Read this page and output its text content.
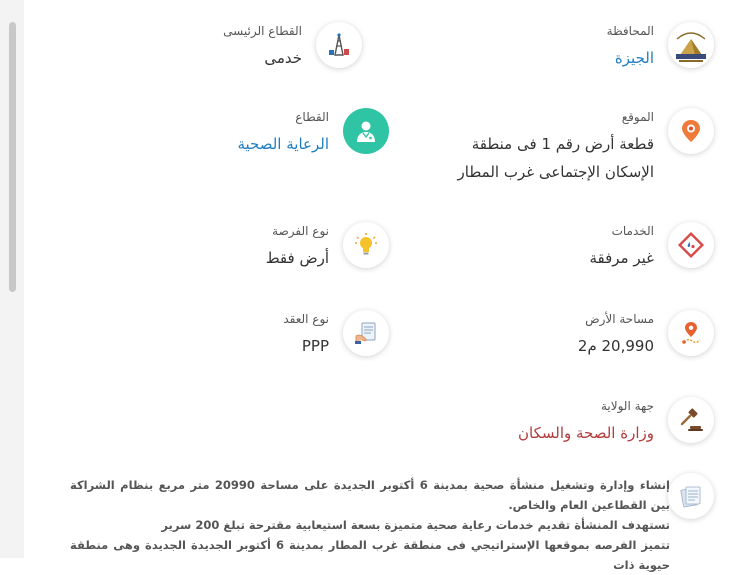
المحافظة
الجيزة
القطاع الرئيسى
خدمى
الموقع
قطعة أرض رقم 1 فى منطقة
الإسكان الإجتماعى غرب المطار
القطاع
الرعاية الصحية
الخدمات
غير مرفقة
نوع الفرصة
أرض فقط
مساحة الأرض
20,990 م2
نوع العقد
PPP
جهة الولاية
وزارة الصحة والسكان

إنشاء وإدارة وتشغيل منشأة صحية بمدينة 6 أكتوبر الجديدة على مساحة 20990 متر مربع بنظام الشراكة بين القطاعين العام والخاص.

تستهدف المنشأة تقديم خدمات رعاية صحية متميزة بسعة استيعابية مقترحة تبلغ 200 سرير

تتميز الفرصه بموقعها الإستراتيجي فى منطقة غرب المطار بمدينة 6 أكتوبر الجديدة الجديدة وهى منطقة حيوية ذات
